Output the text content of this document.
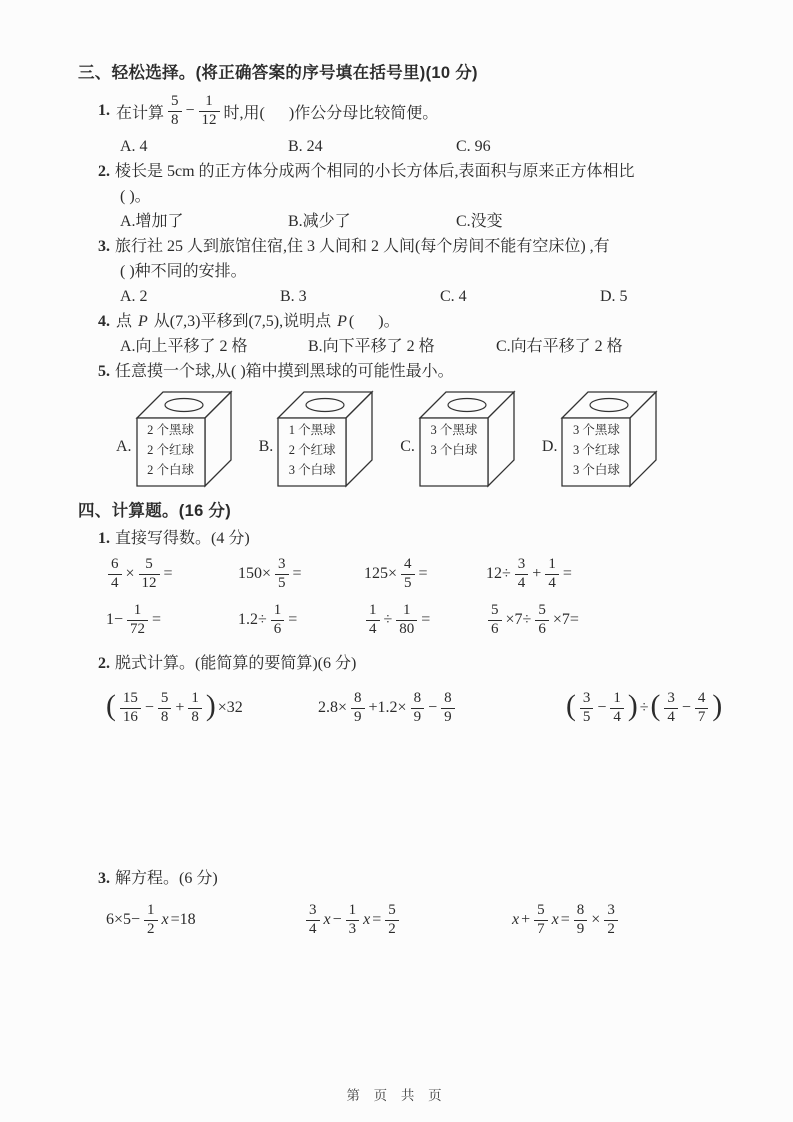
三、轻松选择。(将正确答案的序号填在括号里)(10 分)
1. 在计算 $\frac{5}{8} - \frac{1}{12}$ 时,用(      )作公分母比较简便。
A. 4	B. 24	C. 96
2. 棱长是 5cm 的正方体分成两个相同的小长方体后,表面积与原来正方体相比
( )。
A.增加了	B.减少了	C.没变
3. 旅行社 25 人到旅馆住宿,住 3 人间和 2 人间(每个房间不能有空床位) ,有
( )种不同的安排。
A. 2	B. 3	C. 4	D. 5
4. 点 P 从(7,3)平移到(7,5),说明点 P (      )。
A.向上平移了 2 格	B.向下平移了 2 格	C.向右平移了 2 格
5. 任意摸一个球,从( )箱中摸到黑球的可能性最小。
A.
2 个黑球
2 个红球
2 个白球
B.
1 个黑球
2 个红球
3 个白球
C.
3 个黑球
3 个白球	D.
3 个黑球
3 个红球
3 个白球
四、计算题。(16 分)
1. 直接写得数。(4 分)
$\frac{6}{4} \times \frac{5}{12}$ =	$150\times \frac{3}{5}$ =	$125\times \frac{4}{5}$ =	$12\div \frac{3}{4} + \frac{1}{4}$ =
$1- \frac{1}{72}$ =	$1.2\div \frac{1}{6}$ =	$\frac{1}{4} \div \frac{1}{80}$ =	$\frac{5}{6} \times 7\div \frac{5}{6} \times 7=$
2. 脱式计算。(能简算的要简算)(6 分)
( $\frac{15}{16} - \frac{5}{8} + \frac{1}{8}$ ) ×32	$2.8\times \frac{8}{9} +1.2\times \frac{8}{9} - \frac{8}{9}$	( $\frac{3}{5} - \frac{1}{4}$ ) ÷ ( $\frac{3}{4} - \frac{4}{7}$ )
3. 解方程。(6 分)
$6\times 5- \frac{1}{2}$ x =18	$\frac{3}{4}$ $x - \frac{1}{3}$ $x = \frac{5}{2}$	$x + \frac{5}{7}$ $x = \frac{8}{9} \times \frac{3}{2}$
第 页 共 页
